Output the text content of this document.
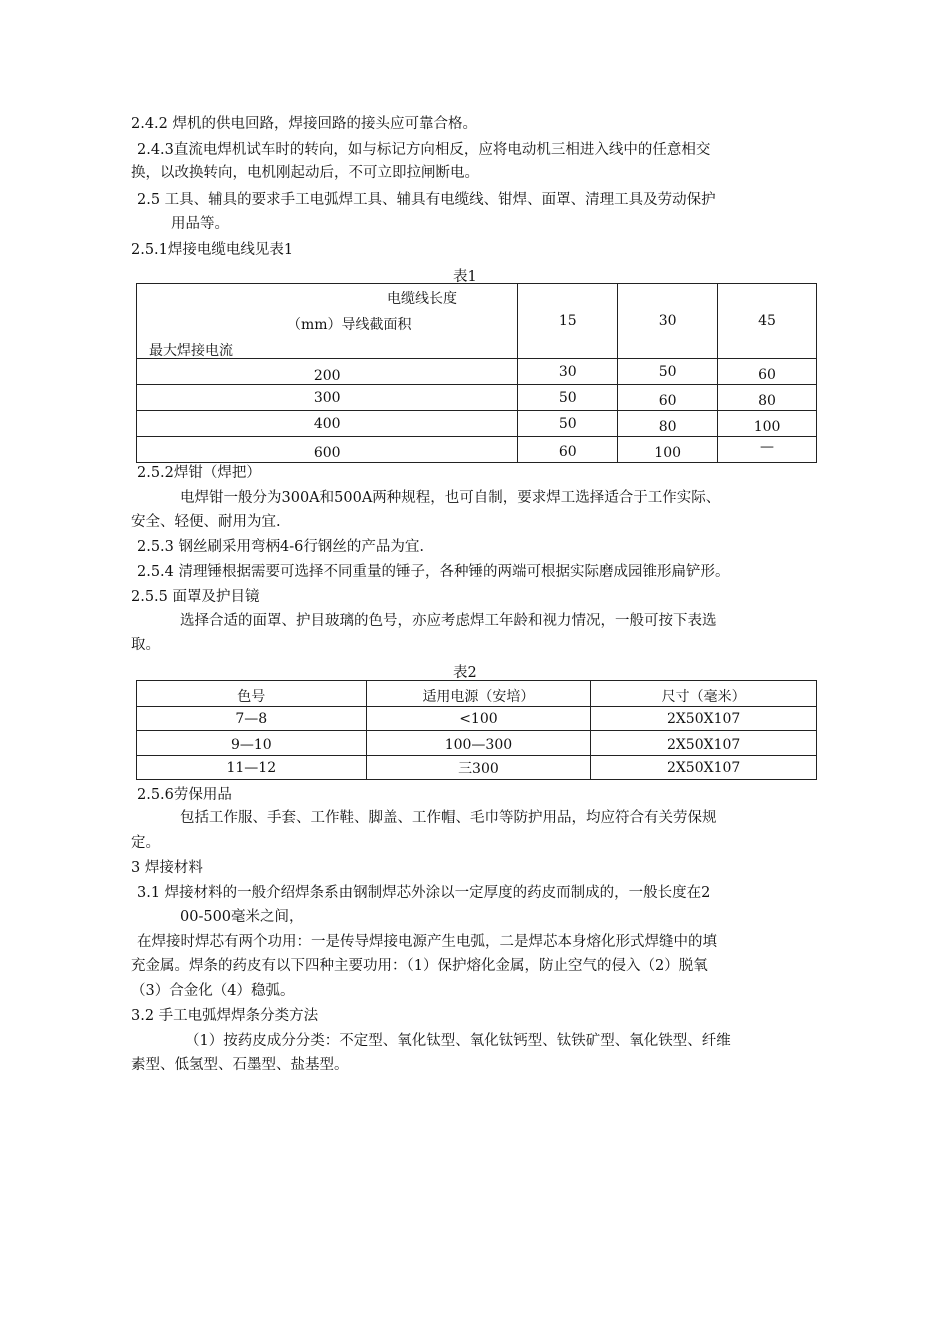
2.4.2 焊机的供电回路，焊接回路的接头应可靠合格。
2.4.3直流电焊机试车时的转向，如与标记方向相反，应将电动机三相进入线中的任意相交
换，以改换转向，电机刚起动后，不可立即拉闸断电。
2.5 工具、辅具的要求手工电弧焊工具、辅具有电缆线、钳焊、面罩、清理工具及劳动保护
用品等。
2.5.1焊接电缆电线见表1
表1
电缆线长度
（mm）导线截面积
最大焊接电流	15	30	45
200	30	50	60
300	50	60	80
400	50	80	100
600	60	100	—
2.5.2焊钳（焊把）
电焊钳一般分为300A和500A两种规程，也可自制，要求焊工选择适合于工作实际、
安全、轻便、耐用为宜.
2.5.3 钢丝刷采用弯柄4-6行钢丝的产品为宜.
2.5.4 清理锤根据需要可选择不同重量的锤子，各种锤的两端可根据实际磨成园锥形扁铲形。
2.5.5 面罩及护目镜
选择合适的面罩、护目玻璃的色号，亦应考虑焊工年龄和视力情况，一般可按下表选
取。
表2
色号	适用电源（安培）	尺寸（毫米）
7—8	<100	2X50X107
9—10	100—300	2X50X107
11—12	三300	2X50X107
2.5.6劳保用品
包括工作服、手套、工作鞋、脚盖、工作帽、毛巾等防护用品，均应符合有关劳保规
定。
3 焊接材料
3.1 焊接材料的一般介绍焊条系由钢制焊芯外涂以一定厚度的药皮而制成的，一般长度在2
00-500毫米之间，
在焊接时焊芯有两个功用：一是传导焊接电源产生电弧，二是焊芯本身熔化形式焊缝中的填
充金属。焊条的药皮有以下四种主要功用：（1）保护熔化金属，防止空气的侵入（2）脱氧
（3）合金化（4）稳弧。
3.2 手工电弧焊焊条分类方法
（1）按药皮成分分类：不定型、氧化钛型、氧化钛钙型、钛铁矿型、氧化铁型、纤维
素型、低氢型、石墨型、盐基型。
